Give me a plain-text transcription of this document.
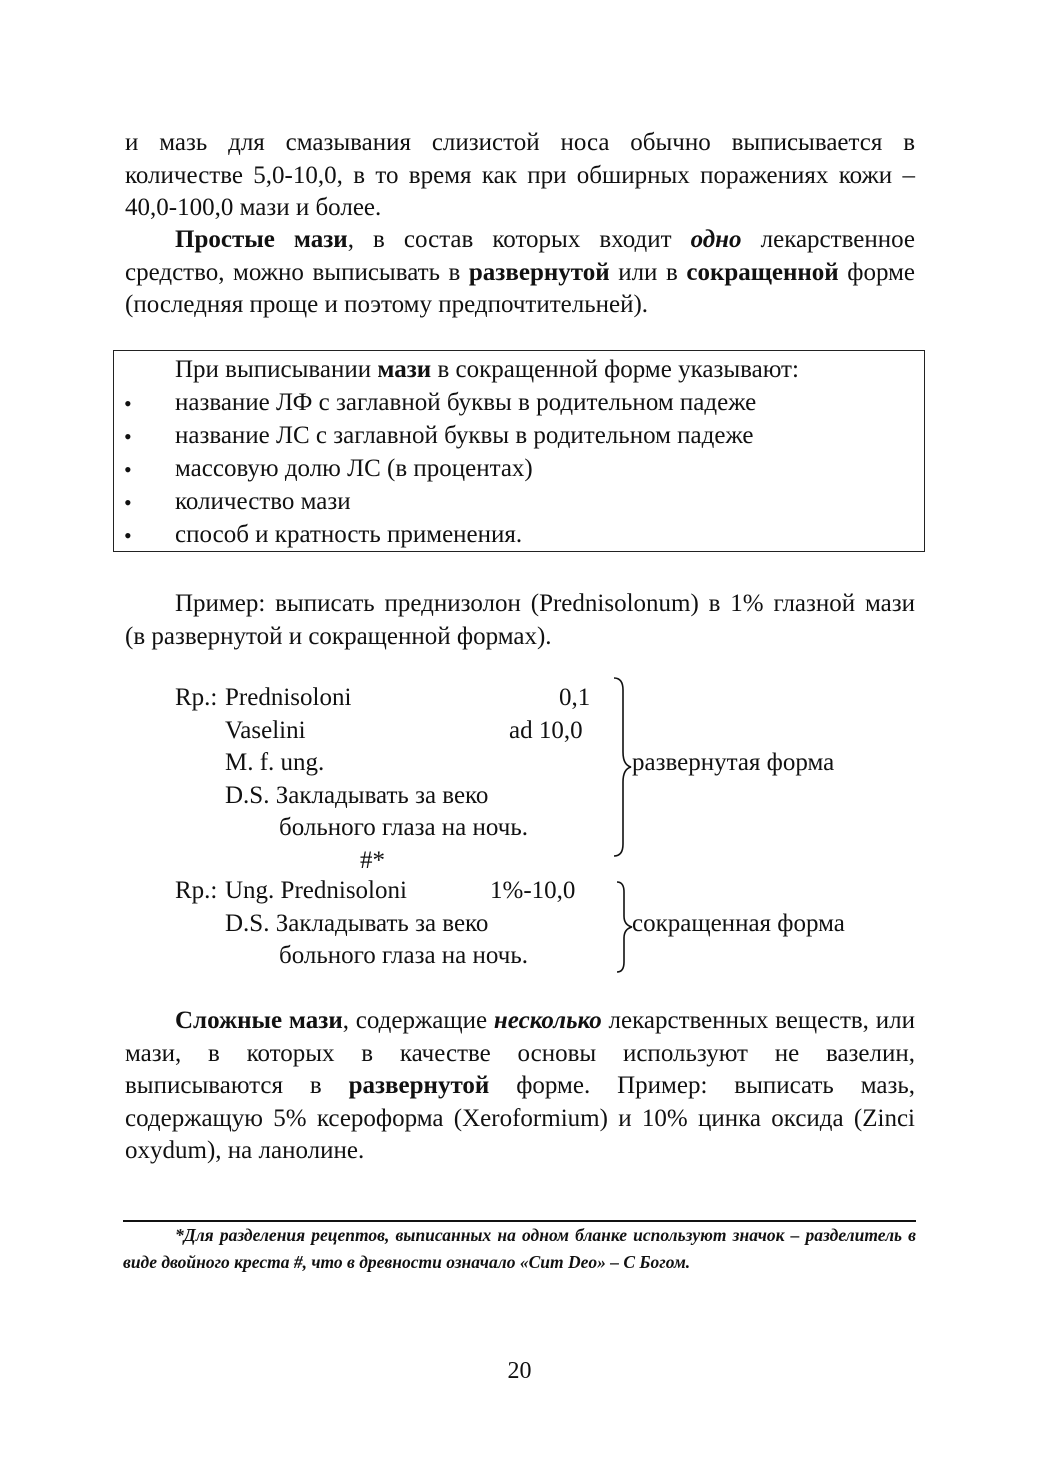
и мазь для смазывания слизистой носа обычно выписывается в количестве 5,0-10,0, в то время как при обширных поражениях кожи – 40,0-100,0 мази и более.

Простые мази, в состав которых входит одно лекарственное средство, можно выписывать в развернутой или в сокращенной форме (последняя проще и поэтому предпочтительней).

При выписывании мази в сокращенной форме указывают:
• название ЛФ с заглавной буквы в родительном падеже
• название ЛС с заглавной буквы в родительном падеже
• массовую долю ЛС (в процентах)
• количество мази
• способ и кратность применения.

Пример: выписать преднизолон (Prednisolonum) в 1% глазной мази (в развернутой и сокращенной формах).

Rp.: Prednisoloni	0,1
Vaselini	ad 10,0
M. f. ung.
D.S. Закладывать за веко
больного глаза на ночь.
развернутая форма
#*
Rp.: Ung. Prednisoloni	1%-10,0
D.S. Закладывать за веко
больного глаза на ночь.
сокращенная форма

Сложные мази, содержащие несколько лекарственных веществ, или мази, в которых в качестве основы используют не вазелин, выписываются в развернутой форме. Пример: выписать мазь, содержащую 5% ксероформа (Xeroformium) и 10% цинка оксида (Zinci oxydum), на ланолине.

*Для разделения рецептов, выписанных на одном бланке используют значок – разделитель в виде двойного креста #, что в древности означало «Cum Deo» – С Богом.

20
